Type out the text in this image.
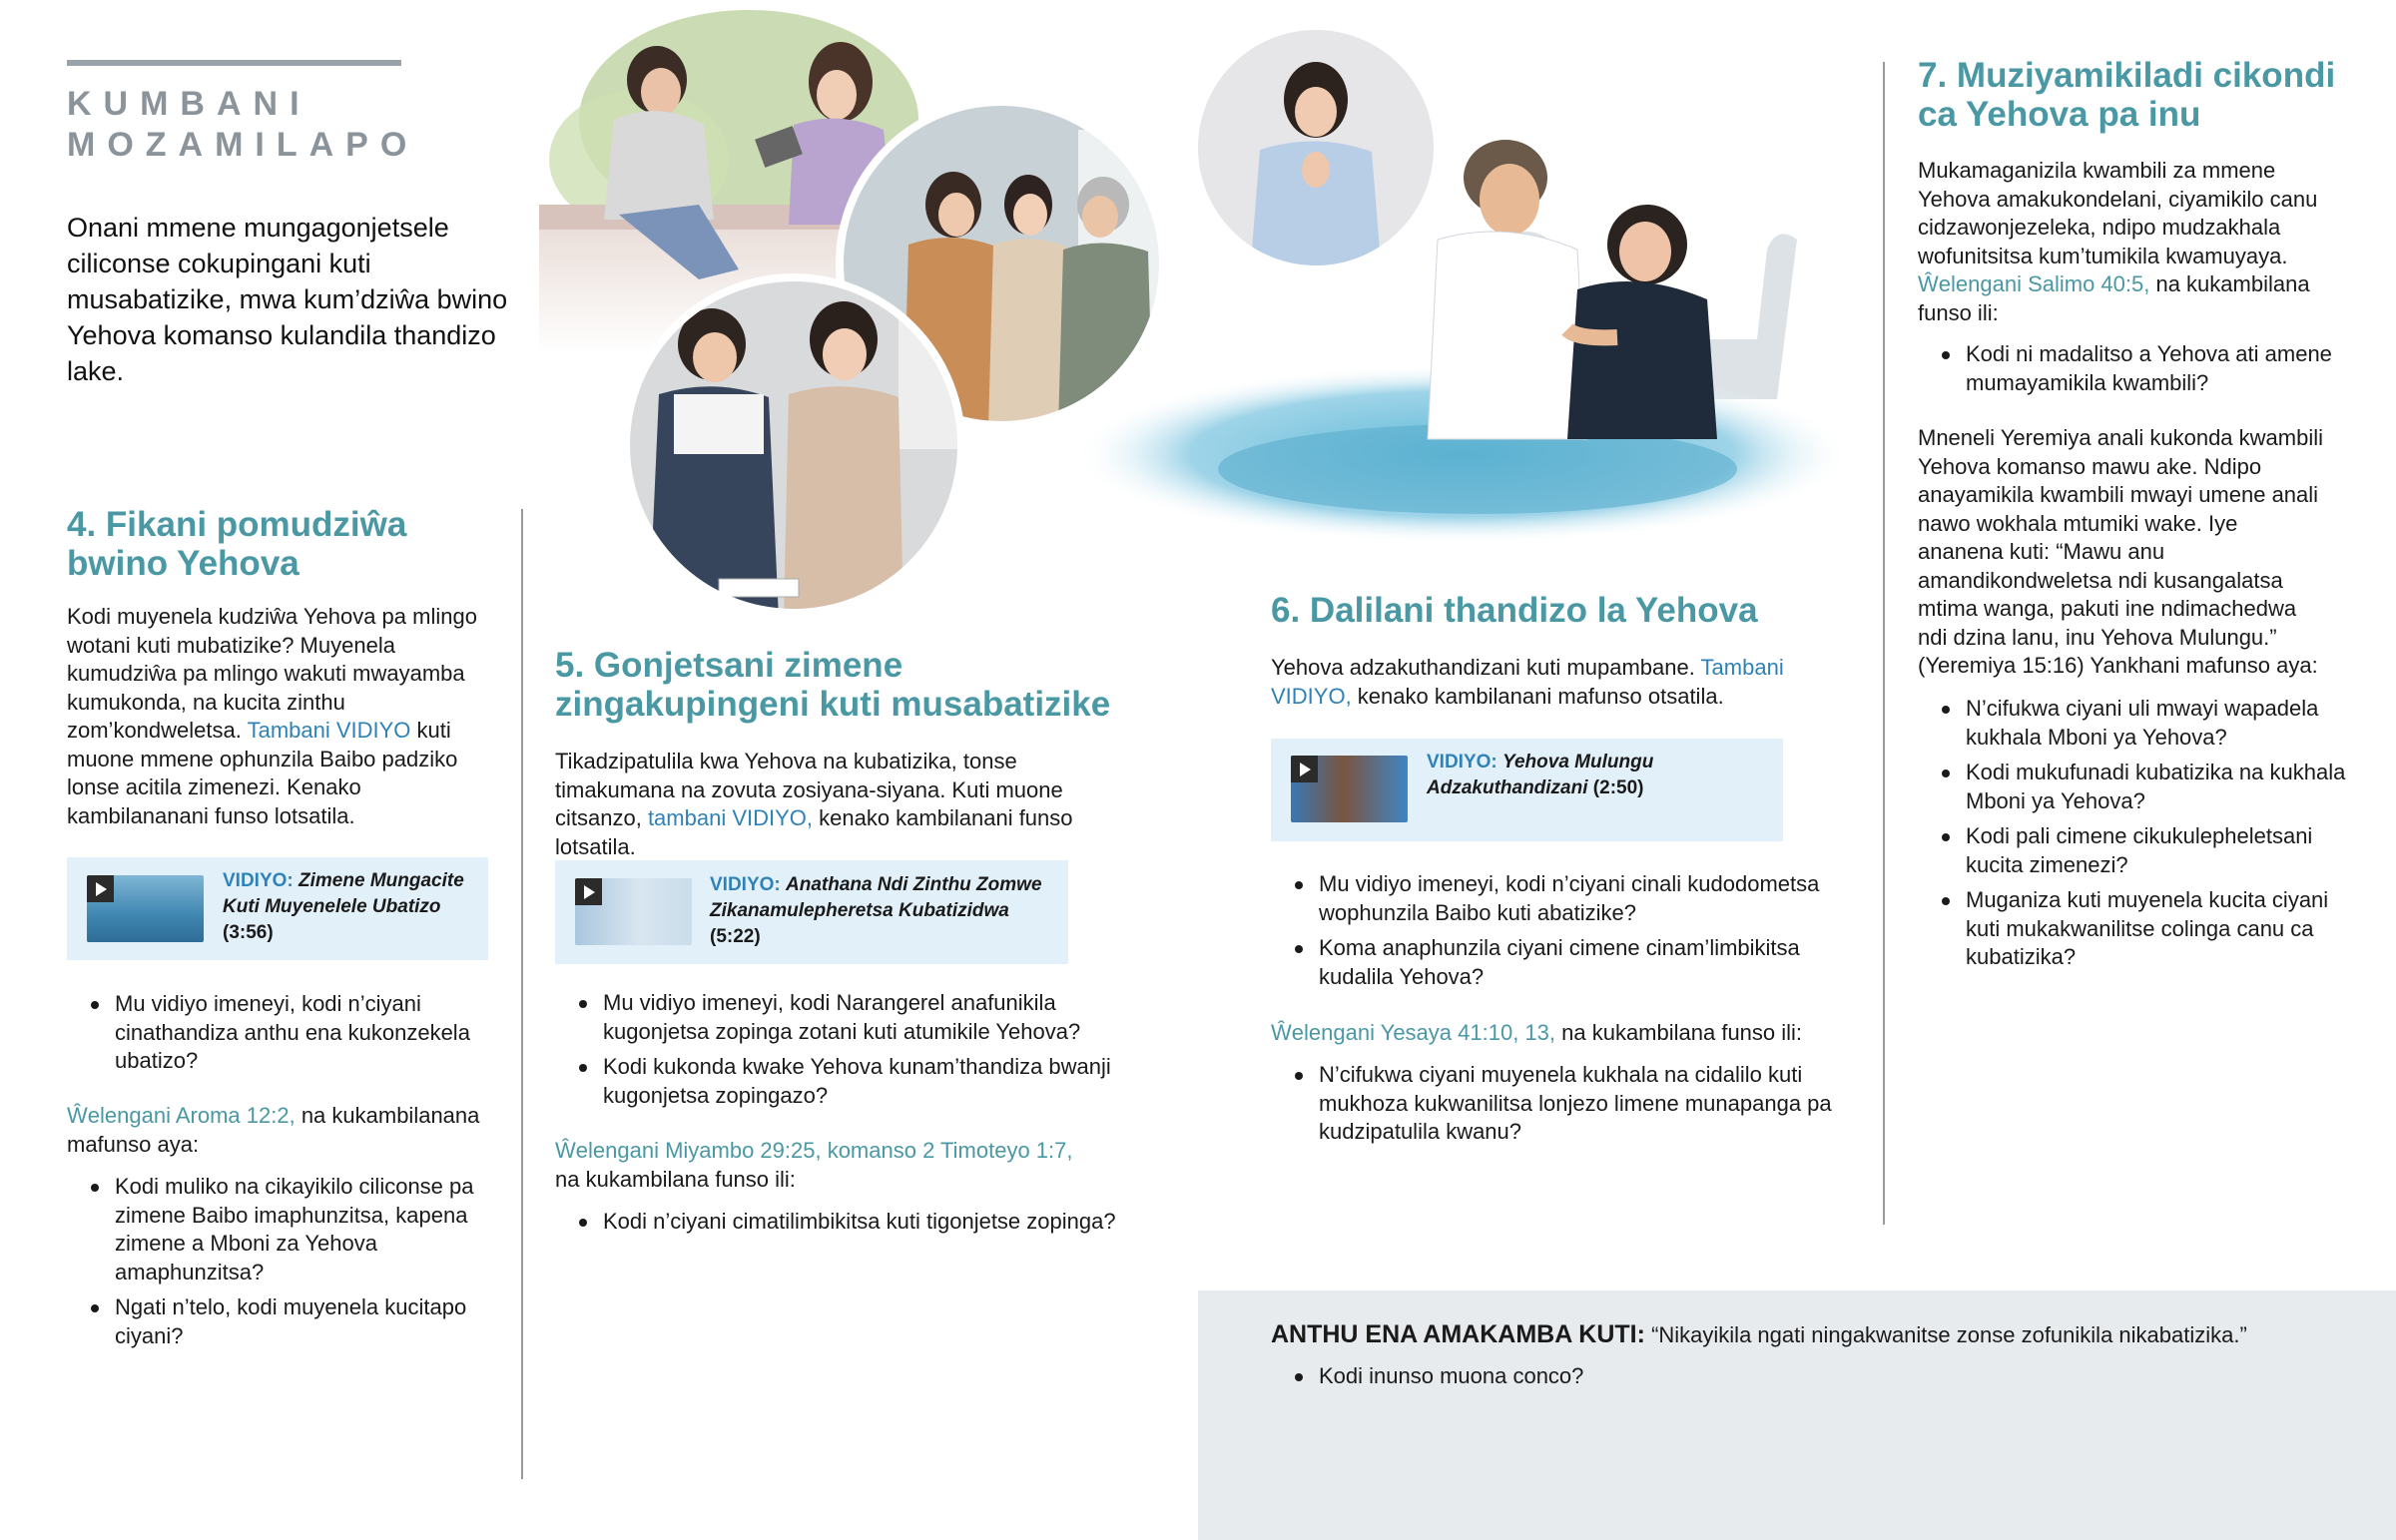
KUMBANI
MOZAMILAPO

Onani mmene mungagonjetsele ciliconse cokupingani kuti musabatizike, mwa kum’dziŵa bwino Yehova komanso kulandila thandizo lake.

4. Fikani pomudziŵa bwino Yehova

Kodi muyenela kudziŵa Yehova pa mlingo wotani kuti mubatizike? Muyenela kumudziŵa pa mlingo wakuti mwayamba kumukonda, na kucita zinthu zom’kondweletsa. Tambani VIDIYO kuti muone mmene ophunzila Baibo padziko lonse acitila zimenezi. Kenako kambilananani funso lotsatila.

VIDIYO: Zimene Mungacite Kuti Muyenelele Ubatizo
(3:56)
Mu vidiyo imeneyi, kodi n’ciyani cinathandiza anthu ena kukonzekela ubatizo?

Ŵelengani Aroma 12:2, na kukambilanana mafunso aya:

Kodi muliko na cikayikilo ciliconse pa zimene Baibo imaphunzitsa, kapena zimene a Mboni za Yehova amaphunzitsa?
Ngati n’telo, kodi muyenela kucitapo ciyani?
5. Gonjetsani zimene zingakupingeni kuti musabatizike

Tikadzipatulila kwa Yehova na kubatizika, tonse timakumana na zovuta zosiyana-siyana. Kuti muone citsanzo, tambani VIDIYO, kenako kambilanani funso lotsatila.

VIDIYO: Anathana Ndi Zinthu Zomwe Zikanamulepheretsa Kubatizidwa
(5:22)
Mu vidiyo imeneyi, kodi Narangerel anafunikila kugonjetsa zopinga zotani kuti atumikile Yehova?
Kodi kukonda kwake Yehova kunam’thandiza bwanji kugonjetsa zopingazo?

Ŵelengani Miyambo 29:25, komanso 2 Timoteyo 1:7,
na kukambilana funso ili:

Kodi n’ciyani cimatilimbikitsa kuti tigonjetse zopinga?
6. Dalilani thandizo la Yehova

Yehova adzakuthandizani kuti mupambane. Tambani VIDIYO, kenako kambilanani mafunso otsatila.

VIDIYO: Yehova Mulungu Adzakuthandizani (2:50)
Mu vidiyo imeneyi, kodi n’ciyani cinali kudodometsa wophunzila Baibo kuti abatizike?
Koma anaphunzila ciyani cimene cinam’limbikitsa kudalila Yehova?

Ŵelengani Yesaya 41:10, 13, na kukambilana funso ili:

N’cifukwa ciyani muyenela kukhala na cidalilo kuti mukhoza kukwanilitsa lonjezo limene munapanga pa kudzipatulila kwanu?
7. Muziyamikiladi cikondi ca Yehova pa inu

Mukamaganizila kwambili za mmene Yehova amakukondelani, ciyamikilo canu cidzawonjezeleka, ndipo mudzakhala wofunitsitsa kum’tumikila kwamuyaya. Ŵelengani Salimo 40:5, na kukambilana funso ili:

Kodi ni madalitso a Yehova ati amene mumayamikila kwambili?

Mneneli Yeremiya anali kukonda kwambili Yehova komanso mawu ake. Ndipo anayamikila kwambili mwayi umene anali nawo wokhala mtumiki wake. Iye ananena kuti: “Mawu anu amandikondweletsa ndi kusangalatsa mtima wanga, pakuti ine ndimachedwa ndi dzina lanu, inu Yehova Mulungu.” (Yeremiya 15:16) Yankhani mafunso aya:

N’cifukwa ciyani uli mwayi wapadela kukhala Mboni ya Yehova?
Kodi mukufunadi kubatizika na kukhala Mboni ya Yehova?
Kodi pali cimene cikukulepheletsani kucita zimenezi?
Muganiza kuti muyenela kucita ciyani kuti mukakwanilitse colinga canu ca kubatizika?

ANTHU ENA AMAKAMBA KUTI: “Nikayikila ngati ningakwanitse zonse zofunikila nikabatizika.”

Kodi inunso muona conco?
